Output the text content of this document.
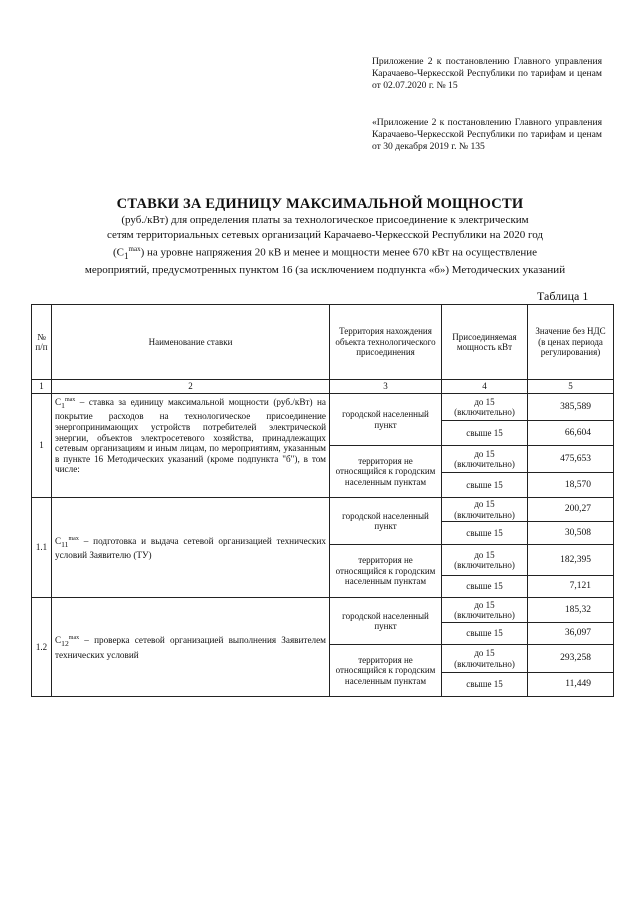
Приложение 2 к постановлению Главного управления Карачаево-Черкесской Республики по тарифам и ценам от 02.07.2020 г. № 15
«Приложение 2 к постановлению Главного управления Карачаево-Черкесской Республики по тарифам и ценам от 30 декабря 2019 г. № 135
СТАВКИ ЗА ЕДИНИЦУ МАКСИМАЛЬНОЙ МОЩНОСТИ
(руб./кВт) для определения платы за технологическое присоединение к электрическим
сетям территориальных сетевых организаций Карачаево-Черкесской Республики на 2020 год
$(C_1^{max})$ на уровне напряжения 20 кВ и менее и мощности менее 670 кВт на осуществление
мероприятий, предусмотренных пунктом 16 (за исключением подпункта «б») Методических указаний
Таблица 1
№ п/п	Наименование ставки	Территория нахождения объекта технологического присоединения	Присоединяемая мощность кВт	Значение без НДС (в ценах периода регулирования)
1	2	3	4	5
1	$C_1^{max}$ – ставка за единицу максимальной мощности (руб./кВт) на покрытие расходов на технологическое присоединение энергопринимающих устройств потребителей электрической энергии, объектов электросетевого хозяйства, принадлежащих сетевым организациям и иным лицам, по мероприятиям, указанным в пункте 16 Методических указаний (кроме подпункта "б"), в том числе:	городской населенный пункт	до 15 (включительно)	385,589
			свыше 15	66,604
		территория не относящийся к городским населенным пунктам	до 15 (включительно)	475,653
			свыше 15	18,570
1.1	$C_{11}^{max}$ – подготовка и выдача сетевой организацией технических условий Заявителю (ТУ)	городской населенный пункт	до 15 (включительно)	200,27
			свыше 15	30,508
		территория не относящийся к городским населенным пунктам	до 15 (включительно)	182,395
			свыше 15	7,121
1.2	$C_{12}^{max}$ – проверка сетевой организацией выполнения Заявителем технических условий	городской населенный пункт	до 15 (включительно)	185,32
			свыше 15	36,097
		территория не относящийся к городским населенным пунктам	до 15 (включительно)	293,258
			свыше 15	11,449
